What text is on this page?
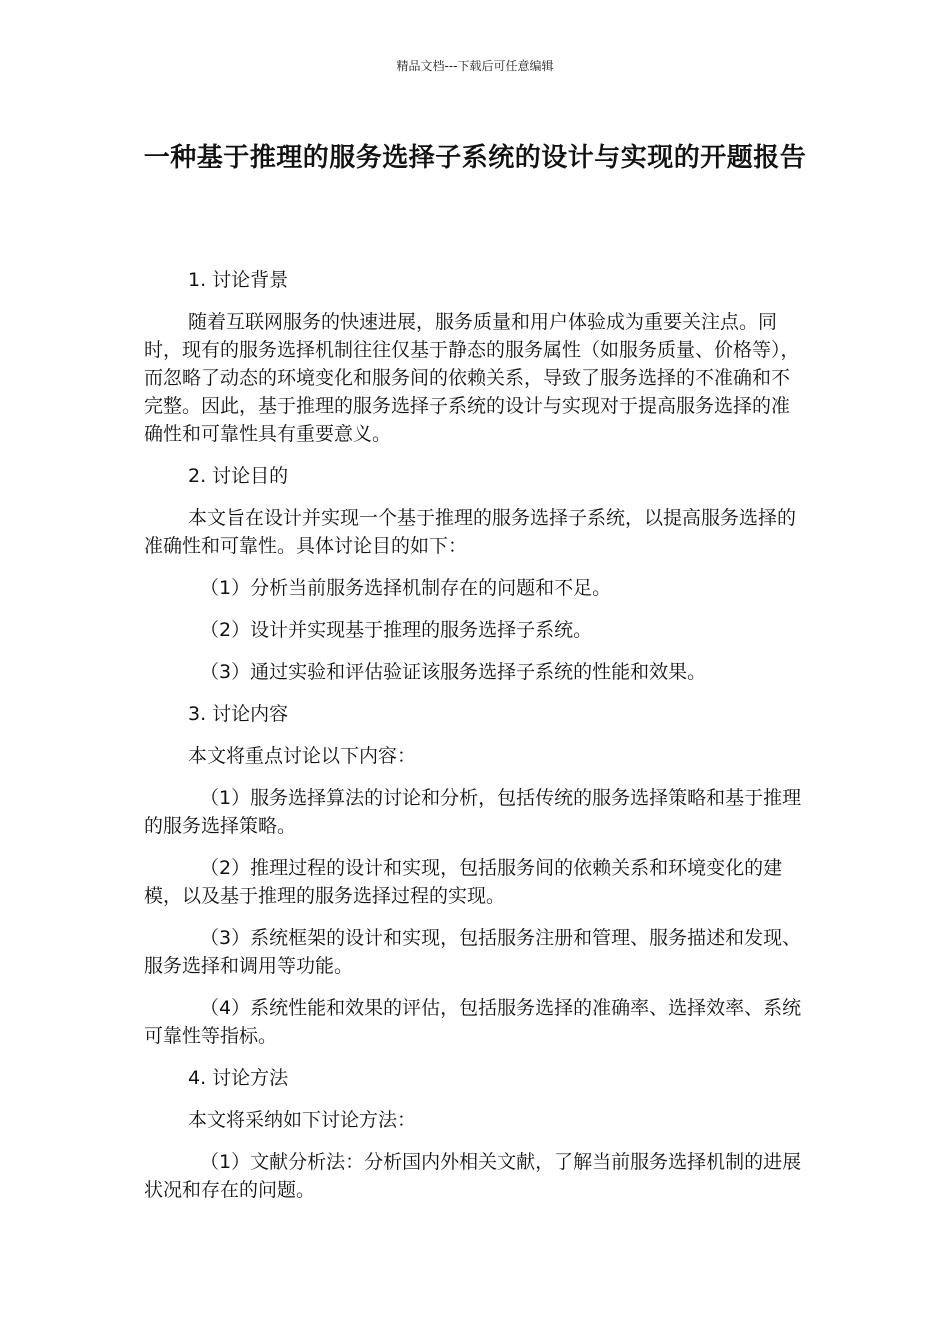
精品文档---下载后可任意编辑
一种基于推理的服务选择子系统的设计与实现的开题报告

1. 讨论背景

随着互联网服务的快速进展，服务质量和用户体验成为重要关注点。同时，现有的服务选择机制往往仅基于静态的服务属性（如服务质量、价格等），而忽略了动态的环境变化和服务间的依赖关系，导致了服务选择的不准确和不完整。因此，基于推理的服务选择子系统的设计与实现对于提高服务选择的准确性和可靠性具有重要意义。

2. 讨论目的

本文旨在设计并实现一个基于推理的服务选择子系统，以提高服务选择的准确性和可靠性。具体讨论目的如下：

（1）分析当前服务选择机制存在的问题和不足。

（2）设计并实现基于推理的服务选择子系统。

（3）通过实验和评估验证该服务选择子系统的性能和效果。

3. 讨论内容

本文将重点讨论以下内容：

（1）服务选择算法的讨论和分析，包括传统的服务选择策略和基于推理的服务选择策略。

（2）推理过程的设计和实现，包括服务间的依赖关系和环境变化的建模，以及基于推理的服务选择过程的实现。

（3）系统框架的设计和实现，包括服务注册和管理、服务描述和发现、服务选择和调用等功能。

（4）系统性能和效果的评估，包括服务选择的准确率、选择效率、系统可靠性等指标。

4. 讨论方法

本文将采纳如下讨论方法：

（1）文献分析法：分析国内外相关文献，了解当前服务选择机制的进展状况和存在的问题。
